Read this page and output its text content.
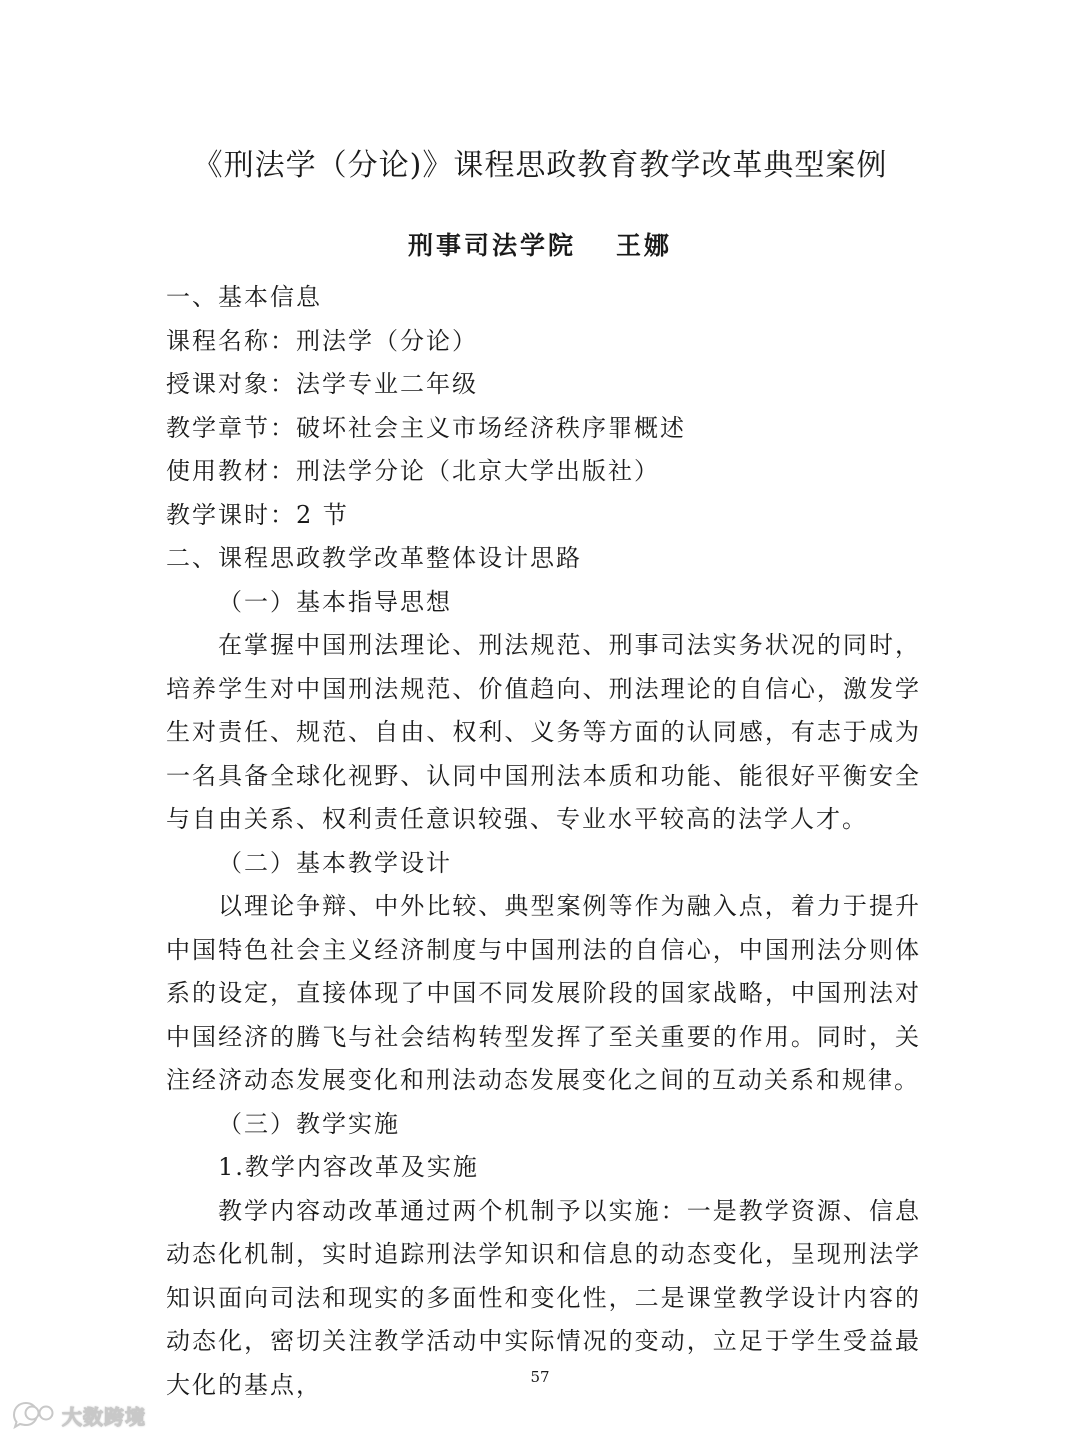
《刑法学（分论)》课程思政教育教学改革典型案例
刑事司法学院 王娜
一、基本信息
课程名称：刑法学（分论）
授课对象：法学专业二年级
教学章节：破坏社会主义市场经济秩序罪概述
使用教材：刑法学分论（北京大学出版社）
教学课时：2 节
二、课程思政教学改革整体设计思路
（一）基本指导思想
在掌握中国刑法理论、刑法规范、刑事司法实务状况的同时，培养学生对中国刑法规范、价值趋向、刑法理论的自信心，激发学生对责任、规范、自由、权利、义务等方面的认同感，有志于成为一名具备全球化视野、认同中国刑法本质和功能、能很好平衡安全与自由关系、权利责任意识较强、专业水平较高的法学人才。
（二）基本教学设计
以理论争辩、中外比较、典型案例等作为融入点，着力于提升中国特色社会主义经济制度与中国刑法的自信心，中国刑法分则体系的设定，直接体现了中国不同发展阶段的国家战略，中国刑法对中国经济的腾飞与社会结构转型发挥了至关重要的作用。同时，关注经济动态发展变化和刑法动态发展变化之间的互动关系和规律。
（三）教学实施
1.教学内容改革及实施
教学内容动改革通过两个机制予以实施：一是教学资源、信息动态化机制，实时追踪刑法学知识和信息的动态变化，呈现刑法学知识面向司法和现实的多面性和变化性，二是课堂教学设计内容的动态化，密切关注教学活动中实际情况的变动，立足于学生受益最大化的基点，	57
大数跨境
